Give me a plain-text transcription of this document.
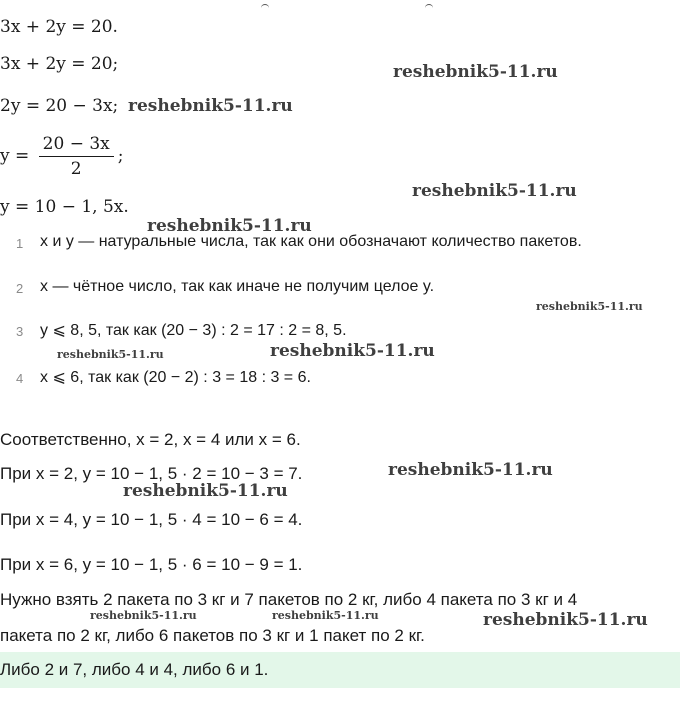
3x + 2y = 20.
3x + 2y = 20;
2y = 20 − 3x;
$y = \frac{20 - 3x}{2}$ ;
y = 10 − 1, 5x.
1 x и y — натуральные числа, так как они обозначают количество пакетов.
2 x — чётное число, так как иначе не получим целое y.
3 y ⩽ 8, 5, так как (20 − 3) : 2 = 17 : 2 = 8, 5.
4 x ⩽ 6, так как (20 − 2) : 3 = 18 : 3 = 6.
Соответственно, x = 2, x = 4 или x = 6.
При x = 2, y = 10 − 1, 5 · 2 = 10 − 3 = 7.
При x = 4, y = 10 − 1, 5 · 4 = 10 − 6 = 4.
При x = 6, y = 10 − 1, 5 · 6 = 10 − 9 = 1.
Нужно взять 2 пакета по 3 кг и 7 пакетов по 2 кг, либо 4 пакета по 3 кг и 4
пакета по 2 кг, либо 6 пакетов по 3 кг и 1 пакет по 2 кг.
Либо 2 и 7, либо 4 и 4, либо 6 и 1.
reshebnik5-11.ru
reshebnik5-11.ru
reshebnik5-11.ru
reshebnik5-11.ru
reshebnik5-11.ru
reshebnik5-11.ru
reshebnik5-11.ru
reshebnik5-11.ru
reshebnik5-11.ru
reshebnik5-11.ru	reshebnik5-11.ru	reshebnik5-11.ru
